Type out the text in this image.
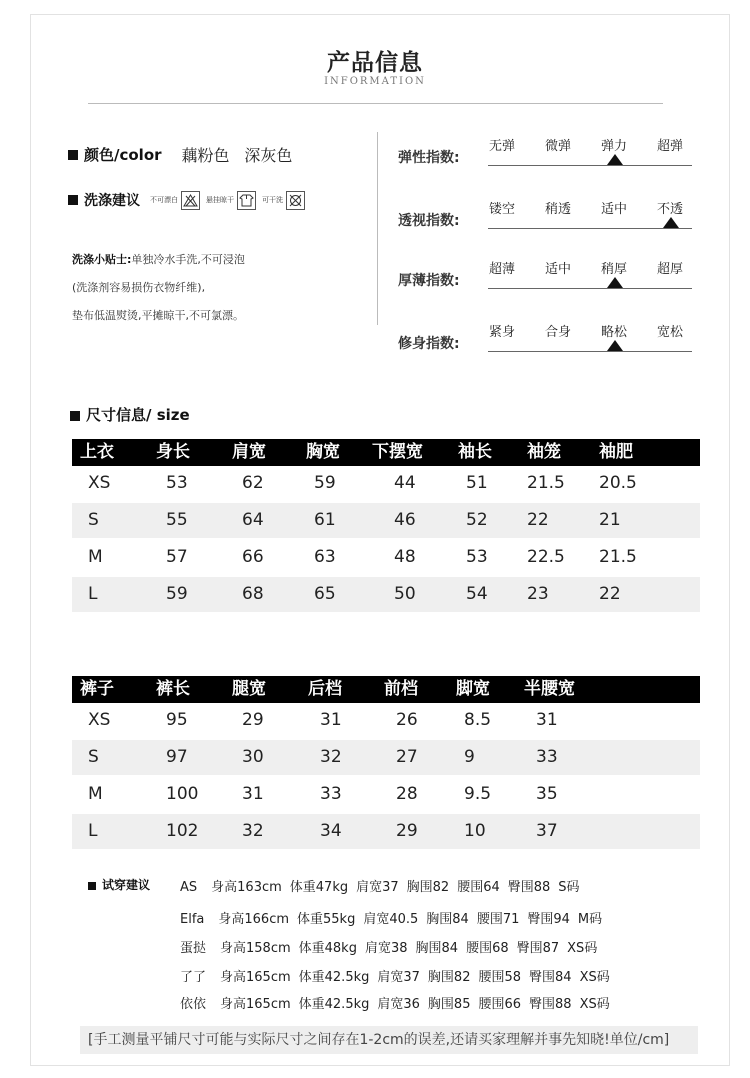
产品信息
INFORMATION
颜色/color 藕粉色 深灰色
洗涤建议 不可漂白	悬挂晾干	可干洗
洗涤小贴士:单独冷水手洗,不可浸泡
(洗涤剂容易损伤衣物纤维),
垫布低温熨烫,平摊晾干,不可氯漂。
弹性指数:
无弹 微弹 弹力 超弹
透视指数:
镂空 稍透 适中 不透
厚薄指数:
超薄 适中 稍厚 超厚
修身指数:
紧身 合身 略松 宽松
尺寸信息/ size
上衣 身长 肩宽 胸宽 下摆宽 袖长 袖笼 袖肥
XS	53	62	59	44	51 21.5 20.5
S	55	64	61	46	52 22	21
M	57	66	63	48	53 22.5 21.5
L	59	68	65	50	54 23	22
裤子 裤长 腿宽 后档 前档 脚宽 半腰宽
XS	95	29	31	26	8.5	31
S	97	30	32	27	9	33
M	100	31	33	28	9.5	35
L	102	32	34	29	10	37
试穿建议 AS 身高163cm 体重47kg 肩宽37 胸围82 腰围64 臀围88 S码
Elfa 身高166cm 体重55kg 肩宽40.5 胸围84 腰围71 臀围94 M码
蛋挞 身高158cm 体重48kg 肩宽38 胸围84 腰围68 臀围87 XS码
了了 身高165cm 体重42.5kg 肩宽37 胸围82 腰围58 臀围84 XS码
依依 身高165cm 体重42.5kg 肩宽36 胸围85 腰围66 臀围88 XS码
[手工测量平铺尺寸可能与实际尺寸之间存在1-2cm的误差,还请买家理解并事先知晓!单位/cm]
